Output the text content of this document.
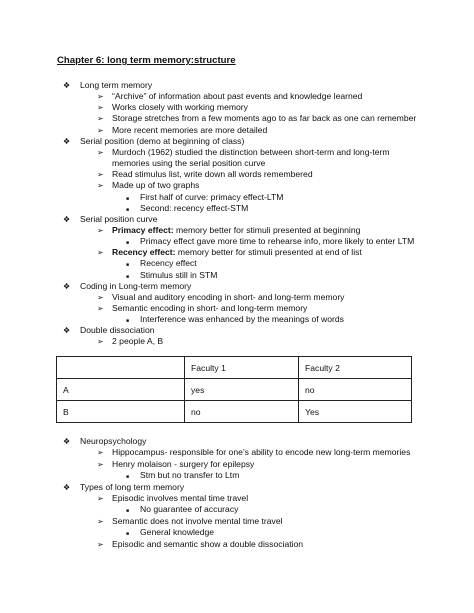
Chapter 6: long term memory:structure
❖ Long term memory
➢ “Archive” of information about past events and knowledge learned
➢ Works closely with working memory
➢ Storage stretches from a few moments ago to as far back as one can remember
➢ More recent memories are more detailed
❖ Serial position (demo at beginning of class)
➢ Murdoch (1962) studied the distinction between short-term and long-term
memories using the serial position curve
➢ Read stimulus list, write down all words remembered
➢ Made up of two graphs
■ First half of curve: primacy effect-LTM
■ Second: recency effect-STM
❖ Serial position curve
➢ Primacy effect: memory better for stimuli presented at beginning
■ Primacy effect gave more time to rehearse info, more likely to enter LTM
➢ Recency effect: memory better for stimuli presented at end of list
■ Recency effect
■ Stimulus still in STM
❖ Coding in Long-term memory
➢ Visual and auditory encoding in short- and long-term memory
➢ Semantic encoding in short- and long-term memory
■ Interference was enhanced by the meanings of words
❖ Double dissociation
➢ 2 people A, B
	Faculty 1	Faculty 2
A	yes	no
B	no	Yes
❖ Neuropsychology
➢ Hippocampus- responsible for one’s ability to encode new long-term memories
➢ Henry molaison - surgery for epilepsy
■ Stm but no transfer to Ltm
❖ Types of long term memory
➢ Episodic involves mental time travel
■ No guarantee of accuracy
➢ Semantic does not involve mental time travel
■ General knowledge
➢ Episodic and semantic show a double dissociation
